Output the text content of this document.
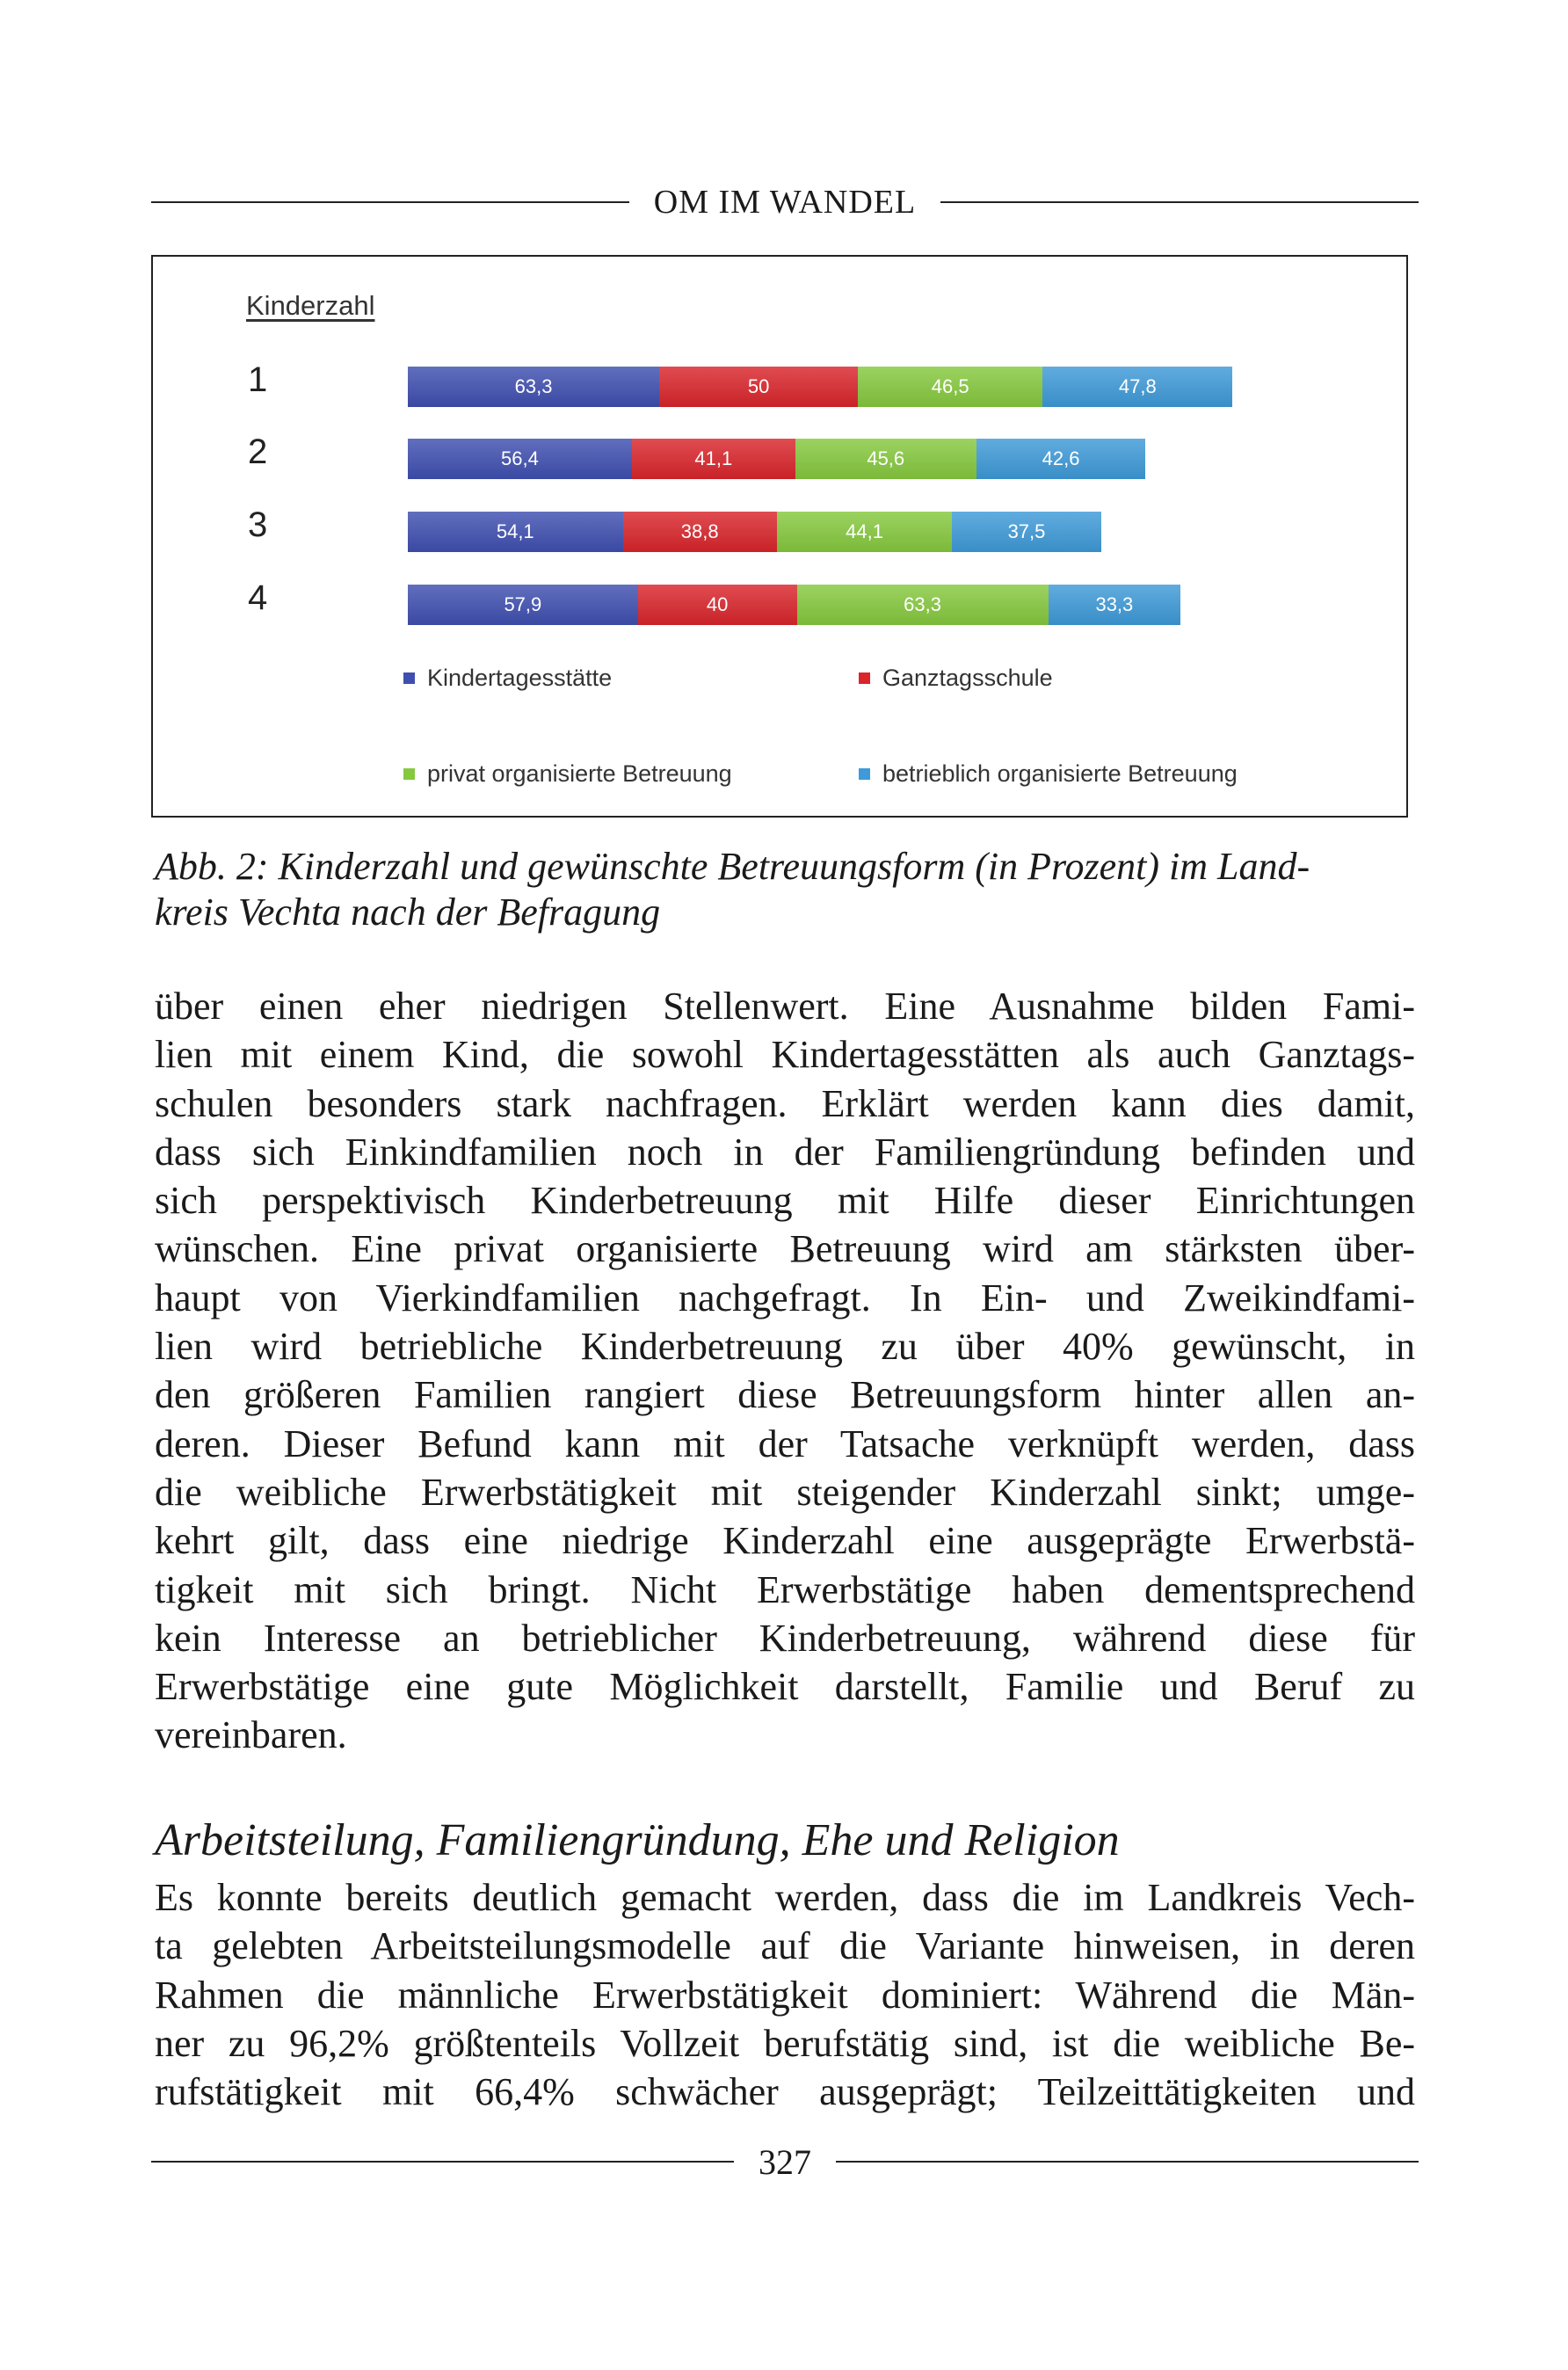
OM IM WANDEL
Kinderzahl
Kindertagesstätte	Ganztagsschule
privat organisierte Betreuung	betrieblich organisierte Betreuung
1	63,3	50	46,5	47,8
2	56,4	41,1	45,6	42,6
3	54,1	38,8	44,1	37,5
4	57,9	40	63,3	33,3

Abb. 2: Kinderzahl und gewünschte Betreuungsform (in Prozent) im Land-

kreis Vechta nach der Befragung

über einen eher niedrigen Stellenwert. Eine Ausnahme bilden Fami-

lien mit einem Kind, die sowohl Kindertagesstätten als auch Ganztags-

schulen besonders stark nachfragen. Erklärt werden kann dies damit,

dass sich Einkindfamilien noch in der Familiengründung befinden und

sich perspektivisch Kinderbetreuung mit Hilfe dieser Einrichtungen

wünschen. Eine privat organisierte Betreuung wird am stärksten über-

haupt von Vierkindfamilien nachgefragt. In Ein- und Zweikindfami-

lien wird betriebliche Kinderbetreuung zu über 40% gewünscht, in

den größeren Familien rangiert diese Betreuungsform hinter allen an-

deren. Dieser Befund kann mit der Tatsache verknüpft werden, dass

die weibliche Erwerbstätigkeit mit steigender Kinderzahl sinkt; umge-

kehrt gilt, dass eine niedrige Kinderzahl eine ausgeprägte Erwerbstä-

tigkeit mit sich bringt. Nicht Erwerbstätige haben dementsprechend

kein Interesse an betrieblicher Kinderbetreuung, während diese für

Erwerbstätige eine gute Möglichkeit darstellt, Familie und Beruf zu

vereinbaren.

Arbeitsteilung, Familiengründung, Ehe und Religion

Es konnte bereits deutlich gemacht werden, dass die im Landkreis Vech-

ta gelebten Arbeitsteilungsmodelle auf die Variante hinweisen, in deren

Rahmen die männliche Erwerbstätigkeit dominiert: Während die Män-

ner zu 96,2% größtenteils Vollzeit berufstätig sind, ist die weibliche Be-

rufstätigkeit mit 66,4% schwächer ausgeprägt; Teilzeittätigkeiten und

327
